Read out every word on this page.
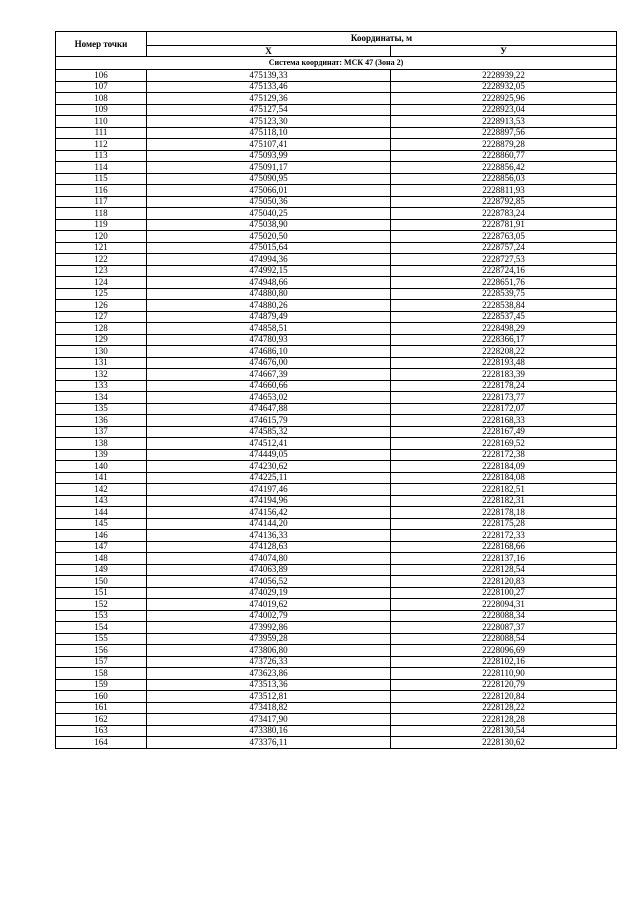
Номер точки	Координаты, м	
	X	У
Система координат: МСК 47 (Зона 2)		
106	475139,33	2228939,22
107	475133,46	2228932,05
108	475129,36	2228925,96
109	475127,54	2228923,04
110	475123,30	2228913,53
111	475118,10	2228897,56
112	475107,41	2228879,28
113	475093,99	2228860,77
114	475091,17	2228856,42
115	475090,95	2228856,03
116	475066,01	2228811,93
117	475050,36	2228792,85
118	475040,25	2228783,24
119	475038,90	2228781,91
120	475020,50	2228763,05
121	475015,64	2228757,24
122	474994,36	2228727,53
123	474992,15	2228724,16
124	474948,66	2228651,76
125	474880,80	2228539,75
126	474880,26	2228538,84
127	474879,49	2228537,45
128	474858,51	2228498,29
129	474780,93	2228366,17
130	474686,10	2228208,22
131	474676,00	2228193,48
132	474667,39	2228183,39
133	474660,66	2228178,24
134	474653,02	2228173,77
135	474647,88	2228172,07
136	474615,79	2228168,33
137	474585,32	2228167,49
138	474512,41	2228169,52
139	474449,05	2228172,38
140	474230,62	2228184,09
141	474225,11	2228184,08
142	474197,46	2228182,51
143	474194,96	2228182,31
144	474156,42	2228178,18
145	474144,20	2228175,28
146	474136,33	2228172,33
147	474128,63	2228168,66
148	474074,80	2228137,16
149	474063,89	2228128,54
150	474056,52	2228120,83
151	474029,19	2228100,27
152	474019,62	2228094,31
153	474002,79	2228088,34
154	473992,86	2228087,37
155	473959,28	2228088,54
156	473806,80	2228096,69
157	473726,33	2228102,16
158	473623,86	2228110,90
159	473513,36	2228120,79
160	473512,81	2228120,84
161	473418,82	2228128,22
162	473417,90	2228128,28
163	473380,16	2228130,54
164	473376,11	2228130,62
